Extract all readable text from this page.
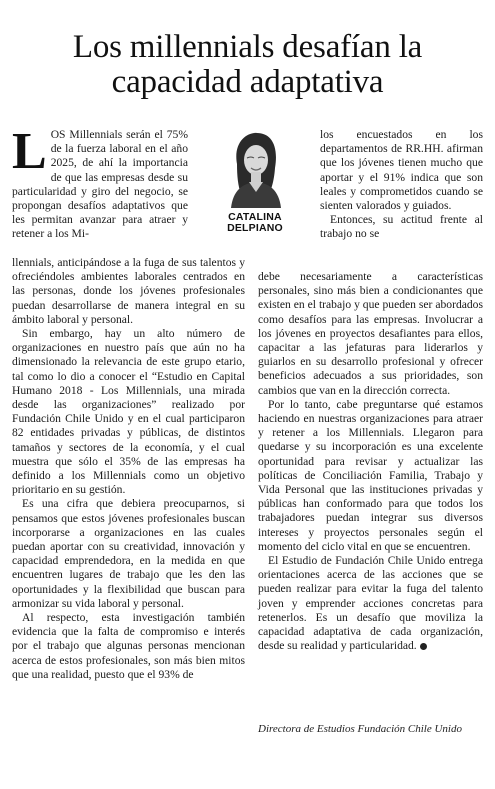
Los millennials desafían la capacidad adaptativa

LOS Millennials serán el 75% de la fuerza laboral en el año 2025, de ahí la importancia de que las empresas desde su particularidad y giro del negocio, se propongan desafíos adaptativos que les permitan avanzar para atraer y retener a los Mi-

CATALINA
DELPIANO

llennials, anticipándose a la fuga de sus talentos y ofreciéndoles ambientes laborales centrados en las personas, donde los jóvenes profesionales puedan desarrollarse de manera integral en su ámbito laboral y personal.

Sin embargo, hay un alto número de organizaciones en nuestro país que aún no ha dimensionado la relevancia de este grupo etario, tal como lo dio a conocer el “Estudio en Capital Humano 2018 - Los Millennials, una mirada desde las organizaciones” realizado por Fundación Chile Unido y en el cual participaron 82 entidades privadas y públicas, de distintos tamaños y sectores de la economía, y el cual muestra que sólo el 35% de las empresas ha definido a los Millennials como un objetivo prioritario en su gestión.

Es una cifra que debiera preocuparnos, si pensamos que estos jóvenes profesionales buscan incorporarse a organizaciones en las cuales puedan aportar con su creatividad, innovación y capacidad emprendedora, en la medida en que encuentren lugares de trabajo que les den las oportunidades y la flexibilidad que buscan para armonizar su vida laboral y personal.

Al respecto, esta investigación también evidencia que la falta de compromiso e interés por el trabajo que algunas personas mencionan acerca de estos profesionales, son más bien mitos que una realidad, puesto que el 93% de

los encuestados en los departamentos de RR.HH. afirman que los jóvenes tienen mucho que aportar y el 91% indica que son leales y comprometidos cuando se sienten valorados y guiados.

Entonces, su actitud frente al trabajo no se

debe necesariamente a características personales, sino más bien a condicionantes que existen en el trabajo y que pueden ser abordados como desafíos para las empresas. Involucrar a los jóvenes en proyectos desafiantes para ellos, capacitar a las jefaturas para liderarlos y guiarlos en su desarrollo profesional y ofrecer beneficios adecuados a sus prioridades, son cambios que van en la dirección correcta.

Por lo tanto, cabe preguntarse qué estamos haciendo en nuestras organizaciones para atraer y retener a los Millennials. Llegaron para quedarse y su incorporación es una excelente oportunidad para revisar y actualizar las políticas de Conciliación Familia, Trabajo y Vida Personal que las instituciones privadas y públicas han conformado para que todos los trabajadores puedan integrar sus diversos intereses y proyectos personales según el momento del ciclo vital en que se encuentren.

El Estudio de Fundación Chile Unido entrega orientaciones acerca de las acciones que se pueden realizar para evitar la fuga del talento joven y emprender acciones concretas para retenerlos. Es un desafío que moviliza la capacidad adaptativa de cada organización, desde su realidad y particularidad.

Directora de Estudios Fundación Chile Unido
